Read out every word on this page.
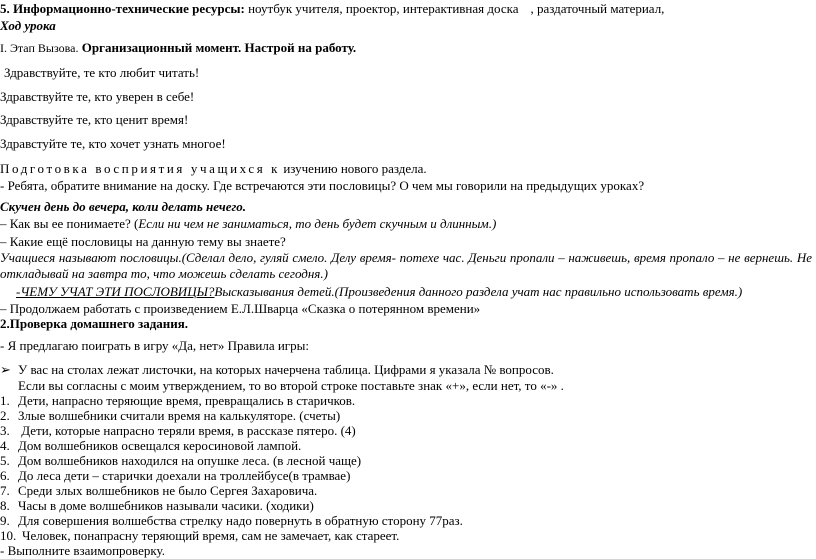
5. Информационно-технические ресурсы: ноутбук учителя, проектор, интерактивная доска , раздаточный материал,
Ход урока
I. Этап Вызова. Организационный момент. Настрой на работу.
Здравствуйте, те кто любит читать!
Здравствуйте те, кто уверен в себе!
Здравствуйте те, кто ценит время!
Здравстуйте те, кто хочет узнать многое!
Подготовка восприятия учащихся к изучению нового раздела.
- Ребята, обратите внимание на доску. Где встречаются эти пословицы? О чем мы говорили на предыдущих уроках?
Скучен день до вечера, коли делать нечего.
– Как вы ее понимаете? (Если ни чем не заниматься, то день будет скучным и длинным.)
– Какие ещё пословицы на данную тему вы знаете?
Учащиеся называют пословицы.(Сделал дело, гуляй смело. Делу время- потехе час. Деньги пропали – наживешь, время пропало – не вернешь. Не откладывай на завтра то, что можешь сделать сегодня.)
-ЧЕМУ УЧАТ ЭТИ ПОСЛОВИЦЫ?Высказывания детей.(Произведения данного раздела учат нас правильно использовать время.)
– Продолжаем работать с произведением Е.Л.Шварца «Сказка о потерянном времени»
2.Проверка домашнего задания.
- Я предлагаю поиграть в игру «Да, нет» Правила игры:
➢ У вас на столах лежат листочки, на которых начерчена таблица. Цифрами я указала № вопросов.
Если вы согласны с моим утверждением, то во второй строке поставьте знак «+», если нет, то «-» .
1. Дети, напрасно теряющие время, превращались в старичков.
2. Злые волшебники считали время на калькуляторе. (счеты)
3. Дети, которые напрасно теряли время, в рассказе пятеро. (4)
4. Дом волшебников освещался керосиновой лампой.
5. Дом волшебников находился на опушке леса. (в лесной чаще)
6. До леса дети – старички доехали на троллейбусе(в трамвае)
7. Среди злых волшебников не было Сергея Захаровича.
8. Часы в доме волшебников называли часики. (ходики)
9. Для совершения волшебства стрелку надо повернуть в обратную сторону 77раз.
10. Человек, понапрасну теряющий время, сам не замечает, как стареет.
- Выполните взаимопроверку.
